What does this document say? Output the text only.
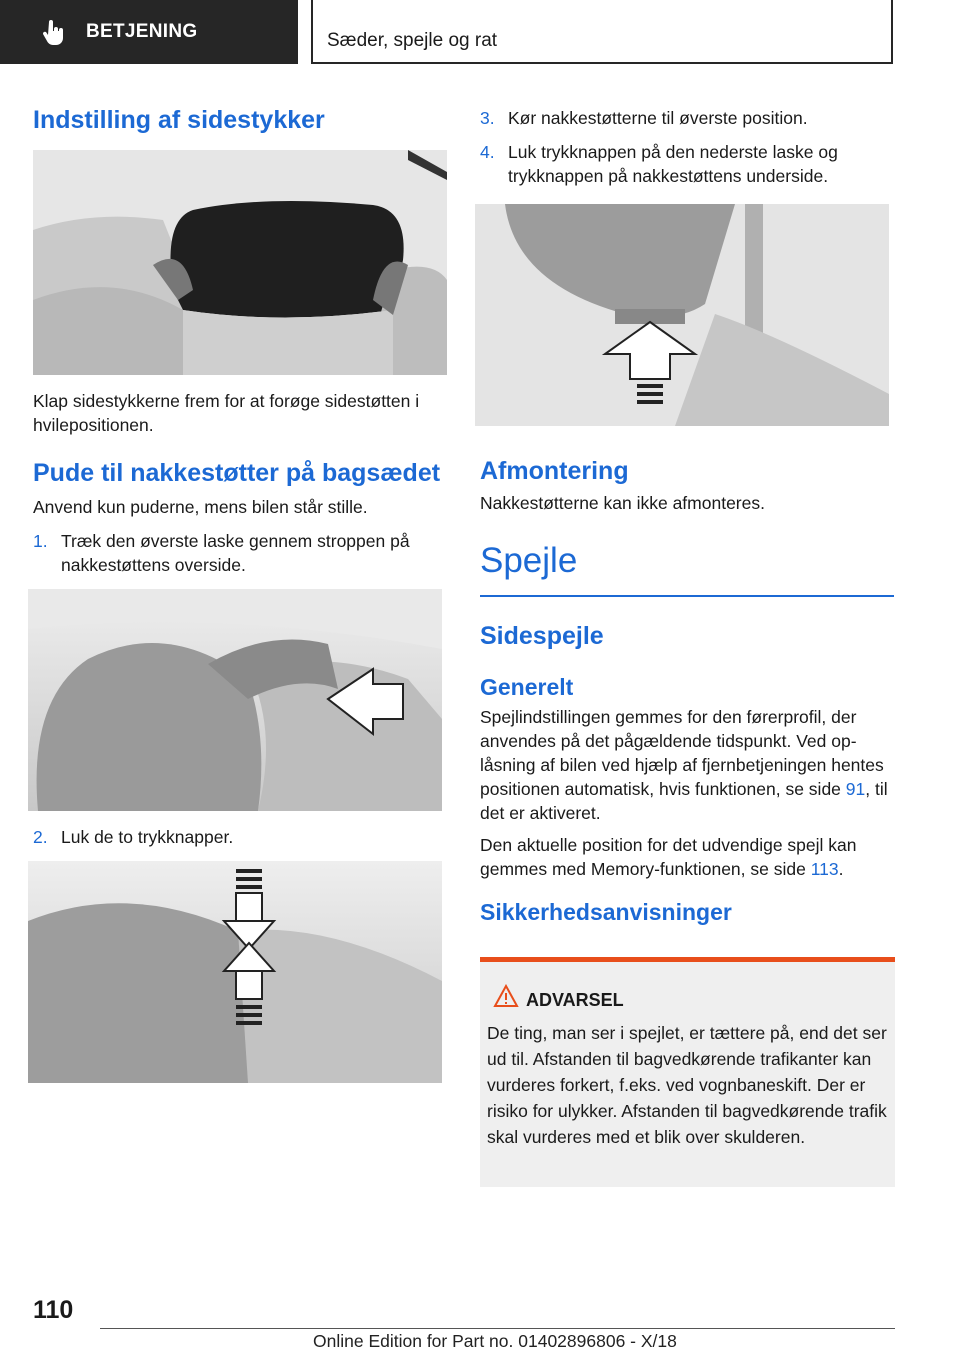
BETJENING	Sæder, spejle og rat
Indstilling af sidestykker

Klap sidestykkerne frem for at forøge sidestøtten i hvilepositionen.

Pude til nakkestøtter på bagsædet

Anvend kun puderne, mens bilen står stille.

1. Træk den øverste laske gennem stroppen på nakkestøttens overside.
2. Luk de to trykknapper.
3. Kør nakkestøtterne til øverste position.
4. Luk trykknappen på den nederste laske og trykknappen på nakkestøttens underside.
Afmontering

Nakkestøtterne kan ikke afmonteres.

Spejle
Sidespejle
Generelt

Spejlindstillingen gemmes for den førerprofil, der anvendes på det pågældende tidspunkt. Ved oplåsning af bilen ved hjælp af fjernbetjeningen hentes positionen automatisk, hvis funktionen, se side 91, til det er aktiveret.

Den aktuelle position for det udvendige spejl kan gemmes med Memory-funktionen, se side 113.

Sikkerhedsanvisninger
ADVARSEL
De ting, man ser i spejlet, er tættere på, end det ser ud til. Afstanden til bagvedkørende trafikanter kan vurderes forkert, f.eks. ved vognbaneskift. Der er risiko for ulykker. Afstanden til bagvedkørende trafik skal vurderes med et blik over skulderen.
110
Online Edition for Part no. 01402896806 - X/18
